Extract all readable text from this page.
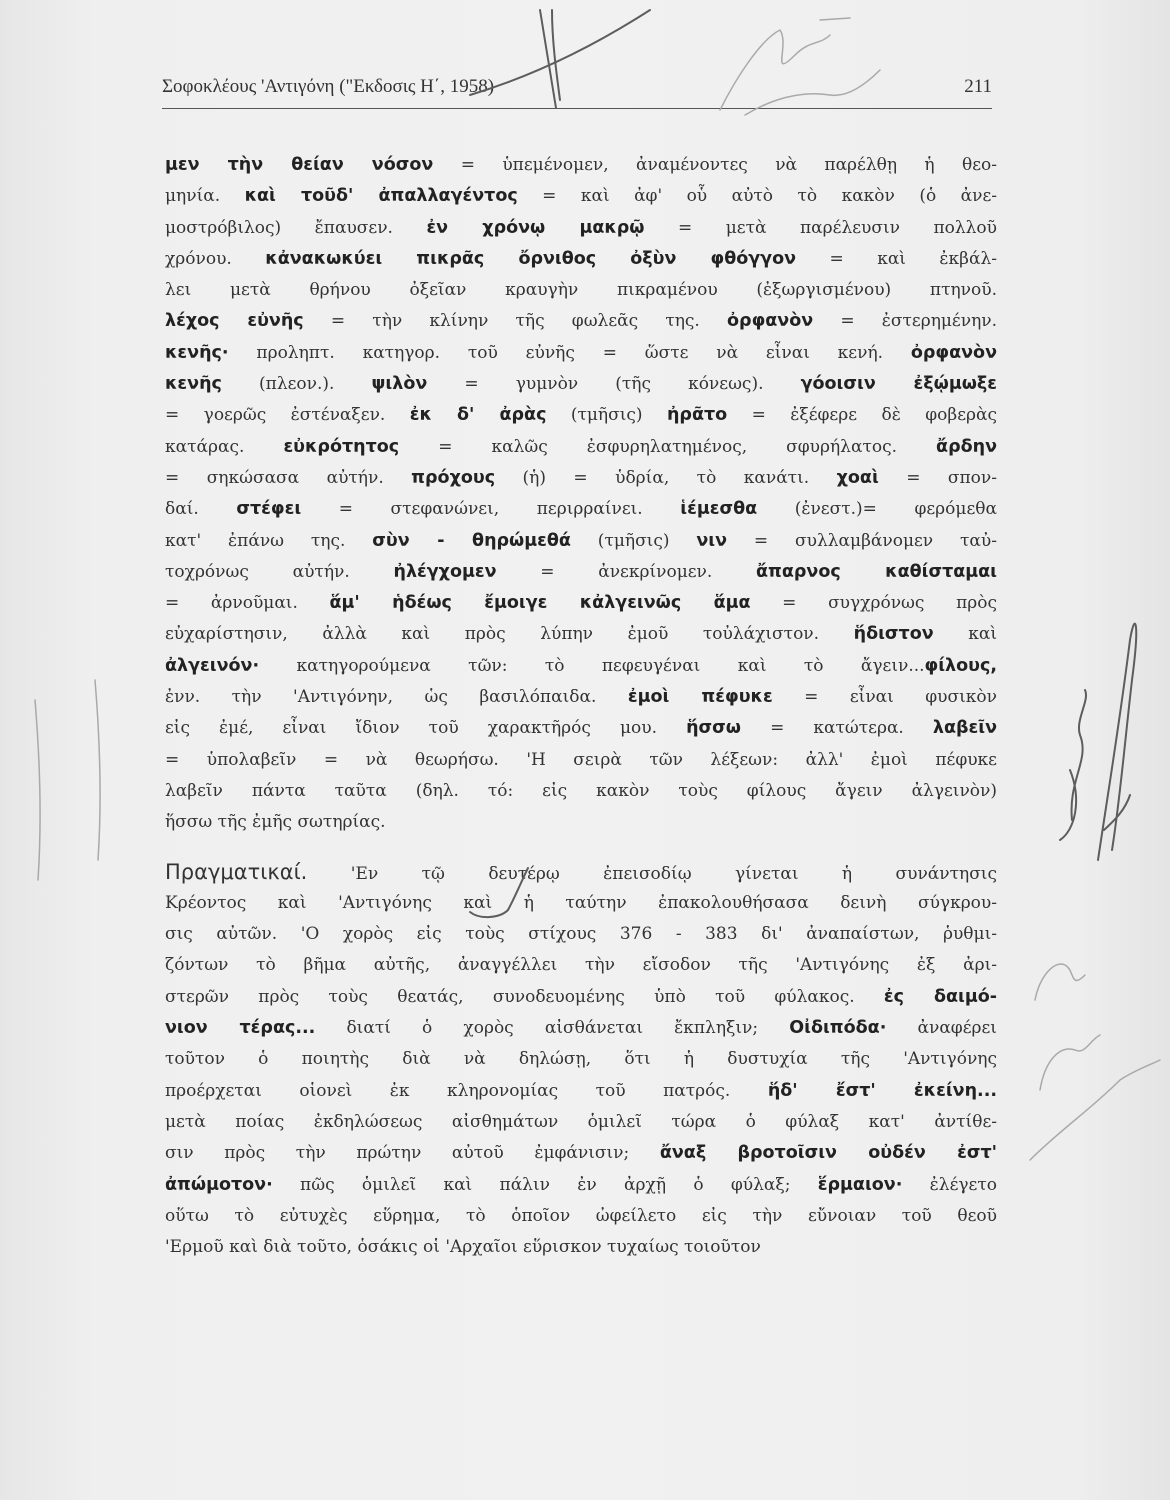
Σοφοκλέους 'Αντιγόνη ("Εκδοσις Η΄, 1958)	211
μεν τὴν θείαν νόσον = ὑπεμένομεν, ἀναμένοντες νὰ παρέλθῃ ἡ θεο-
μηνία. καὶ τοῦδ' ἀπαλλαγέντος = καὶ ἀφ' οὗ αὐτὸ τὸ κακὸν (ὁ ἀνε-
μοστρόβιλος) ἔπαυσεν. ἐν χρόνῳ μακρῷ = μετὰ παρέλευσιν πολλοῦ
χρόνου. κἀνακωκύει πικρᾶς ὄρνιθος ὀξὺν φθόγγον = καὶ ἐκβάλ-
λει μετὰ θρήνου ὀξεῖαν κραυγὴν πικραμένου (ἐξωργισμένου) πτηνοῦ.
λέχος εὐνῆς = τὴν κλίνην τῆς φωλεᾶς της. ὀρφανὸν = ἐστερημένην.
κενῆς· προληπτ. κατηγορ. τοῦ εὐνῆς = ὥστε νὰ εἶναι κενή. ὀρφανὸν
κενῆς (πλεον.). ψιλὸν = γυμνὸν (τῆς κόνεως). γόοισιν ἐξῴμωξε
= γοερῶς ἐστέναξεν. ἐκ δ' ἀρὰς (τμῆσις) ἠρᾶτο = ἐξέφερε δὲ φοβερὰς
κατάρας. εὐκρότητος = καλῶς ἐσφυρηλατημένος, σφυρήλατος. ἄρδην
= σηκώσασα αὐτήν. πρόχους (ἡ) = ὑδρία, τὸ κανάτι. χοαὶ = σπον-
δαί. στέφει = στεφανώνει, περιρραίνει. ἱέμεσθα (ἐνεστ.)= φερόμεθα
κατ' ἐπάνω της. σὺν - θηρώμεθά (τμῆσις) νιν = συλλαμβάνομεν ταὐ-
τοχρόνως αὐτήν. ἠλέγχομεν = ἀνεκρίνομεν. ἄπαρνος καθίσταμαι
= ἀρνοῦμαι. ἅμ' ἡδέως ἔμοιγε κἀλγεινῶς ἅμα = συγχρόνως πρὸς
εὐχαρίστησιν, ἀλλὰ καὶ πρὸς λύπην ἐμοῦ τοὐλάχιστον. ἥδιστον καὶ
ἀλγεινόν· κατηγορούμενα τῶν: τὸ πεφευγέναι καὶ τὸ ἄγειν...φίλους,
ἐνν. τὴν 'Αντιγόνην, ὡς βασιλόπαιδα. ἐμοὶ πέφυκε = εἶναι φυσικὸν
εἰς ἐμέ, εἶναι ἴδιον τοῦ χαρακτῆρός μου. ἥσσω = κατώτερα. λαβεῖν
= ὑπολαβεῖν = νὰ θεωρήσω. 'Η σειρὰ τῶν λέξεων: ἀλλ' ἐμοὶ πέφυκε
λαβεῖν πάντα ταῦτα (δηλ. τό: εἰς κακὸν τοὺς φίλους ἄγειν ἀλγεινὸν)
ἥσσω τῆς ἐμῆς σωτηρίας.
Πραγματικαί. 'Εν τῷ δευτέρῳ ἐπεισοδίῳ γίνεται ἡ συνάντησις
Κρέοντος καὶ 'Αντιγόνης καὶ ἡ ταύτην ἐπακολουθήσασα δεινὴ σύγκρου-
σις αὐτῶν. 'Ο χορὸς εἰς τοὺς στίχους 376 - 383 δι' ἀναπαίστων, ῥυθμι-
ζόντων τὸ βῆμα αὐτῆς, ἀναγγέλλει τὴν εἴσοδον τῆς 'Αντιγόνης ἐξ ἀρι-
στερῶν πρὸς τοὺς θεατάς, συνοδευομένης ὑπὸ τοῦ φύλακος. ἐς δαιμό-
νιον τέρας... διατί ὁ χορὸς αἰσθάνεται ἔκπληξιν; Οἰδιπόδα· ἀναφέρει
τοῦτον ὁ ποιητὴς διὰ νὰ δηλώσῃ, ὅτι ἡ δυστυχία τῆς 'Αντιγόνης
προέρχεται οἱονεὶ ἐκ κληρονομίας τοῦ πατρός. ἥδ' ἔστ' ἐκείνη...
μετὰ ποίας ἐκδηλώσεως αἰσθημάτων ὁμιλεῖ τώρα ὁ φύλαξ κατ' ἀντίθε-
σιν πρὸς τὴν πρώτην αὐτοῦ ἐμφάνισιν; ἄναξ βροτοῖσιν οὐδέν ἐστ'
ἀπώμοτον· πῶς ὁμιλεῖ καὶ πάλιν ἐν ἀρχῇ ὁ φύλαξ; ἕρμαιον· ἐλέγετο
οὕτω τὸ εὐτυχὲς εὕρημα, τὸ ὁποῖον ὠφείλετο εἰς τὴν εὔνοιαν τοῦ θεοῦ
'Ερμοῦ καὶ διὰ τοῦτο, ὁσάκις οἱ 'Αρχαῖοι εὕρισκον τυχαίως τοιοῦτον
